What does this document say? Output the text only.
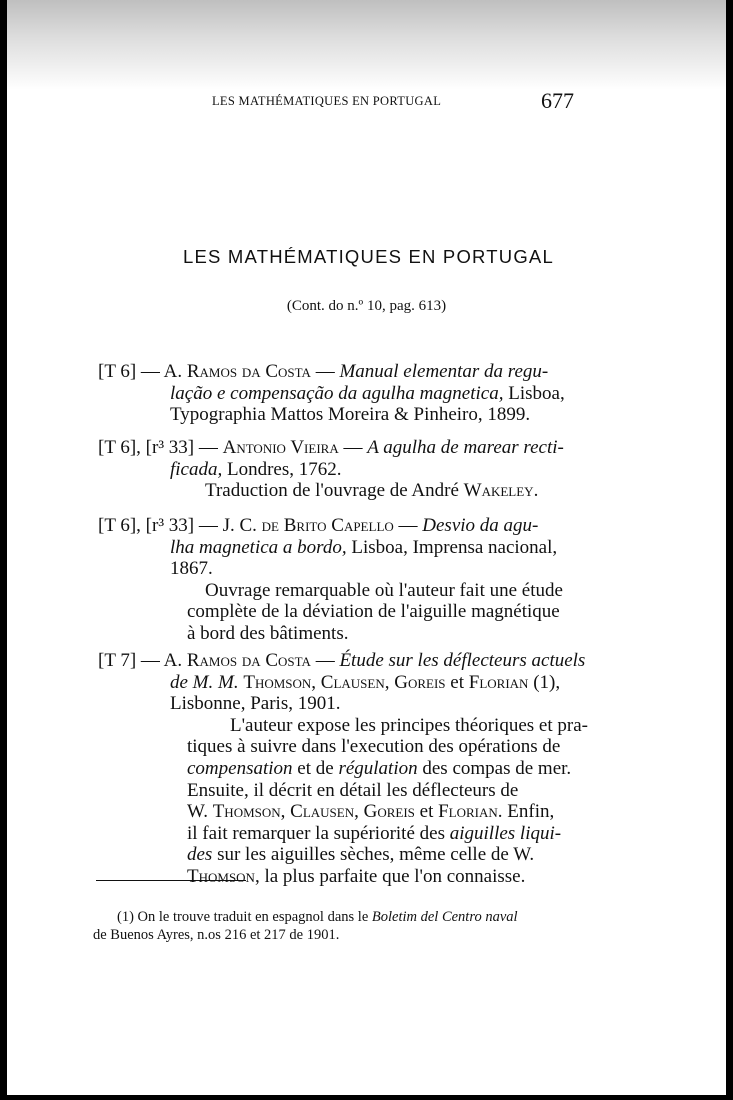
LES MATHÉMATIQUES EN PORTUGAL	677
LES MATHÉMATIQUES EN PORTUGAL
(Cont. do n.º 10, pag. 613)
[T 6] — A. Ramos da Costa — Manual elementar da regu-
lação e compensação da agulha magnetica, Lisboa,
Typographia Mattos Moreira & Pinheiro, 1899.
[T 6], [r³ 33] — Antonio Vieira — A agulha de marear recti-
ficada, Londres, 1762.
Traduction de l'ouvrage de André Wakeley.
[T 6], [r³ 33] — J. C. de Brito Capello — Desvio da agu-
lha magnetica a bordo, Lisboa, Imprensa nacional,
1867.
Ouvrage remarquable où l'auteur fait une étude
complète de la déviation de l'aiguille magnétique
à bord des bâtiments.
[T 7] — A. Ramos da Costa — Étude sur les déflecteurs actuels
de M. M. Thomson, Clausen, Goreis et Florian (1),
Lisbonne, Paris, 1901.
L'auteur expose les principes théoriques et pra-
tiques à suivre dans l'execution des opérations de
compensation et de régulation des compas de mer.
Ensuite, il décrit en détail les déflecteurs de
W. Thomson, Clausen, Goreis et Florian. Enfin,
il fait remarquer la supériorité des aiguilles liqui-
des sur les aiguilles sèches, même celle de W.
Thomson, la plus parfaite que l'on connaisse.
(1) On le trouve traduit en espagnol dans le Boletim del Centro naval
de Buenos Ayres, n.os 216 et 217 de 1901.
